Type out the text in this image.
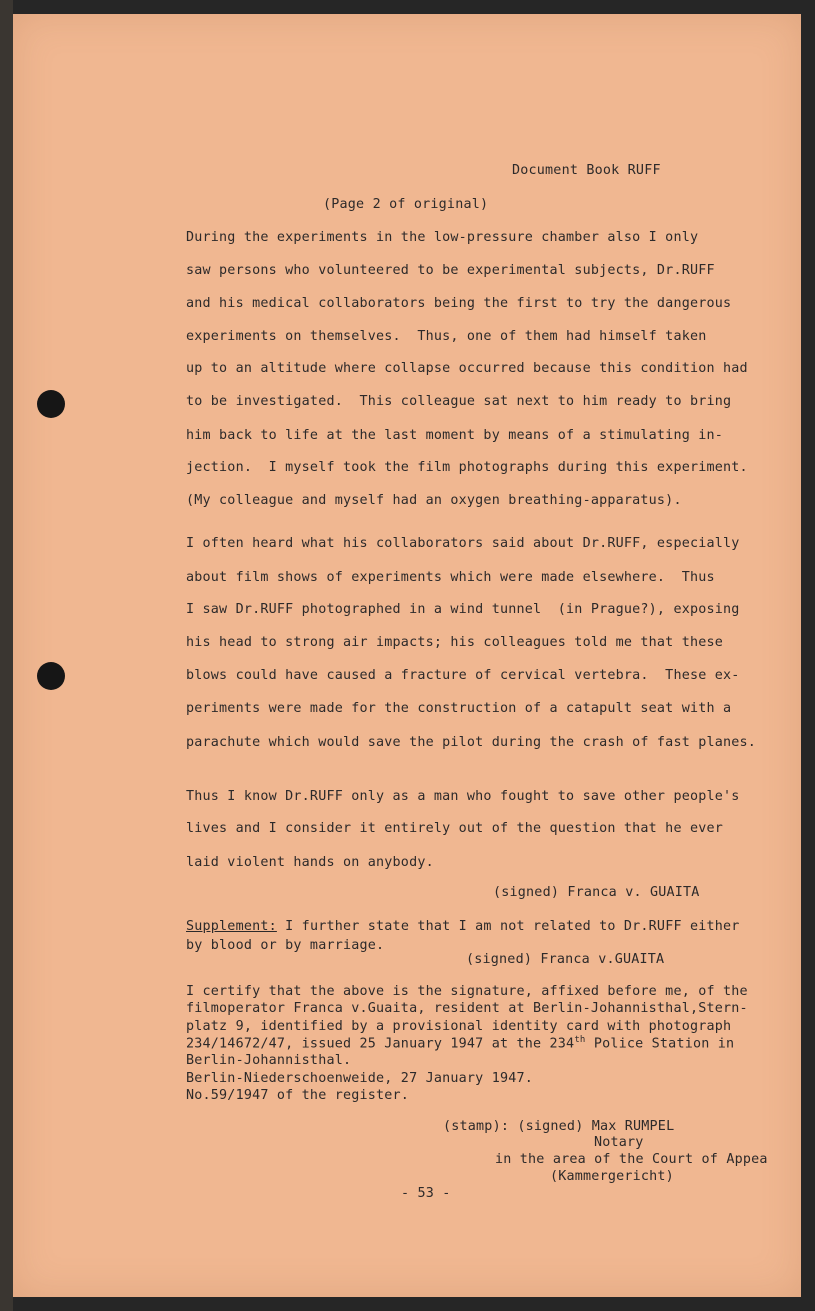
Document Book RUFF
(Page 2 of original)
During the experiments in the low-pressure chamber also I only
saw persons who volunteered to be experimental subjects, Dr.RUFF
and his medical collaborators being the first to try the dangerous
experiments on themselves.  Thus, one of them had himself taken
up to an altitude where collapse occurred because this condition had
to be investigated.  This colleague sat next to him ready to bring
him back to life at the last moment by means of a stimulating in-
jection.  I myself took the film photographs during this experiment.
(My colleague and myself had an oxygen breathing-apparatus).
I often heard what his collaborators said about Dr.RUFF, especially
about film shows of experiments which were made elsewhere.  Thus
I saw Dr.RUFF photographed in a wind tunnel  (in Prague?), exposing
his head to strong air impacts; his colleagues told me that these
blows could have caused a fracture of cervical vertebra.  These ex-
periments were made for the construction of a catapult seat with a
parachute which would save the pilot during the crash of fast planes.
Thus I know Dr.RUFF only as a man who fought to save other people's
lives and I consider it entirely out of the question that he ever
laid violent hands on anybody.
(signed) Franca v. GUAITA
Supplement: I further state that I am not related to Dr.RUFF either
by blood or by marriage.
(signed) Franca v.GUAITA
I certify that the above is the signature, affixed before me, of the
filmoperator Franca v.Guaita, resident at Berlin-Johannisthal,Stern-
platz 9, identified by a provisional identity card with photograph
234/14672/47, issued 25 January 1947 at the 234th Police Station in
Berlin-Johannisthal.
Berlin-Niederschoenweide, 27 January 1947.
No.59/1947 of the register.
(stamp): (signed) Max RUMPEL
Notary
in the area of the Court of Appea
(Kammergericht)
- 53 -
